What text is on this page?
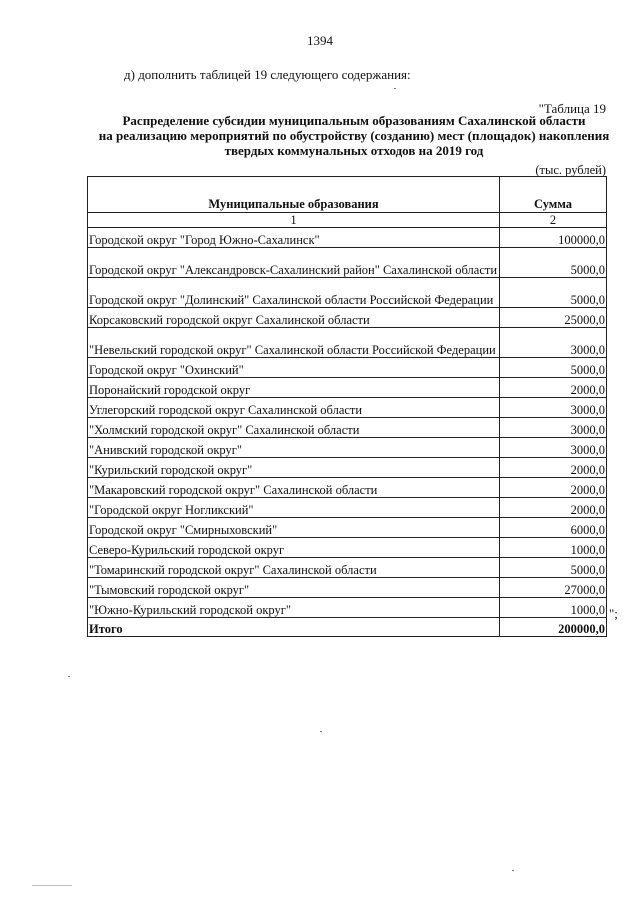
1394
д) дополнить таблицей 19 следующего содержания:
"Таблица 19
Распределение субсидии муниципальным образованиям Сахалинской области
на реализацию мероприятий по обустройству (созданию) мест (площадок) накопления
твердых коммунальных отходов на 2019 год
(тыс. рублей)
Муниципальные образования	Сумма
1	2
Городской округ "Город Южно-Сахалинск"	100000,0
Городской округ "Александровск-Сахалинский район" Сахалинской области	5000,0
Городской округ "Долинский" Сахалинской области Российской Федерации	5000,0
Корсаковский городской округ Сахалинской области	25000,0
"Невельский городской округ" Сахалинской области Российской Федерации	3000,0
Городской округ "Охинский"	5000,0
Поронайский городской округ	2000,0
Углегорский городской округ Сахалинской области	3000,0
"Холмский городской округ" Сахалинской области	3000,0
"Анивский городской округ"	3000,0
"Курильский городской округ"	2000,0
"Макаровский городской округ" Сахалинской области	2000,0
"Городской округ Ногликский"	2000,0
Городской округ "Смирныховский"	6000,0
Северо-Курильский городской округ	1000,0
"Томаринский городской округ" Сахалинской области	5000,0
"Тымовский городской округ"	27000,0
"Южно-Курильский городской округ"	1000,0
Итого	200000,0
";
